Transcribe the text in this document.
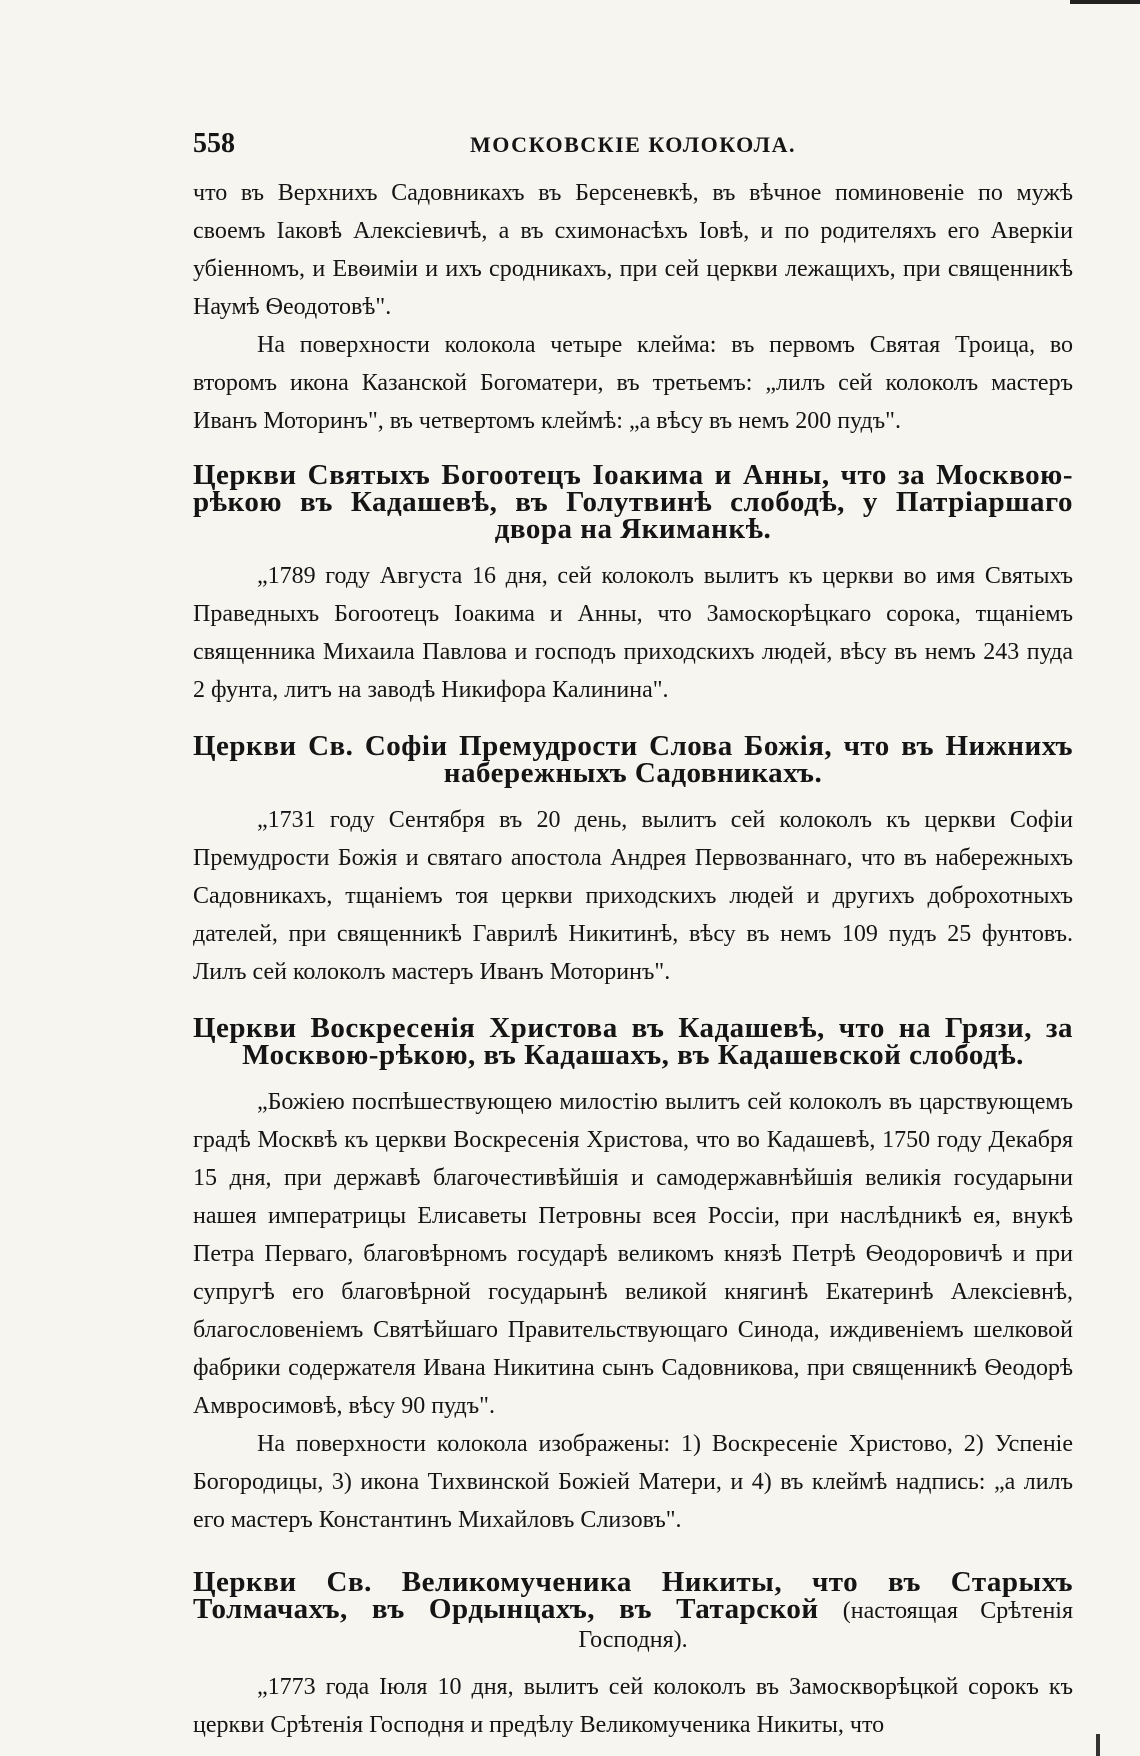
558	МОСКОВСКІЕ КОЛОКОЛА.

что въ Верхнихъ Садовникахъ въ Берсеневкѣ, въ вѣчное поминовеніе по мужѣ своемъ Іаковѣ Алексіевичѣ, а въ схимонасѣхъ Іовѣ, и по родителяхъ его Аверкіи убіенномъ, и Евѳиміи и ихъ сродникахъ, при сей церкви лежащихъ, при священникѣ Наумѣ Ѳеодотовѣ".

На поверхности колокола четыре клейма: въ первомъ Святая Троица, во второмъ икона Казанской Богоматери, въ третьемъ: „лилъ сей колоколъ мастеръ Иванъ Моторинъ", въ четвертомъ клеймѣ: „а вѣсу въ немъ 200 пудъ".

Церкви Святыхъ Богоотецъ Іоакима и Анны, что за Москвою-рѣкою въ Кадашевѣ, въ Голутвинѣ слободѣ, у Патріаршаго двора на Якиманкѣ.

„1789 году Августа 16 дня, сей колоколъ вылитъ къ церкви во имя Святыхъ Праведныхъ Богоотецъ Іоакима и Анны, что Замоскорѣцкаго сорока, тщаніемъ священника Михаила Павлова и господъ приходскихъ людей, вѣсу въ немъ 243 пуда 2 фунта, литъ на заводѣ Никифора Калинина".

Церкви Св. Софіи Премудрости Слова Божія, что въ Нижнихъ набережныхъ Садовникахъ.

„1731 году Сентября въ 20 день, вылитъ сей колоколъ къ церкви Софіи Премудрости Божія и святаго апостола Андрея Первозваннаго, что въ набережныхъ Садовникахъ, тщаніемъ тоя церкви приходскихъ людей и другихъ доброхотныхъ дателей, при священникѣ Гаврилѣ Никитинѣ, вѣсу въ немъ 109 пудъ 25 фунтовъ. Лилъ сей колоколъ мастеръ Иванъ Моторинъ".

Церкви Воскресенія Христова въ Кадашевѣ, что на Грязи, за Москвою-рѣкою, въ Кадашахъ, въ Кадашевской слободѣ.

„Божіею поспѣшествующею милостію вылитъ сей колоколъ въ царствующемъ градѣ Москвѣ къ церкви Воскресенія Христова, что во Кадашевѣ, 1750 году Декабря 15 дня, при державѣ благочестивѣйшія и самодержавнѣйшія великія государыни нашея императрицы Елисаветы Петровны всея Россіи, при наслѣдникѣ ея, внукѣ Петра Перваго, благовѣрномъ государѣ великомъ князѣ Петрѣ Ѳеодоровичѣ и при супругѣ его благовѣрной государынѣ великой княгинѣ Екатеринѣ Алексіевнѣ, благословеніемъ Святѣйшаго Правительствующаго Синода, иждивеніемъ шелковой фабрики содержателя Ивана Никитина сынъ Садовникова, при священникѣ Ѳеодорѣ Амвросимовѣ, вѣсу 90 пудъ".

На поверхности колокола изображены: 1) Воскресеніе Христово, 2) Успеніе Богородицы, 3) икона Тихвинской Божіей Матери, и 4) въ клеймѣ надпись: „а лилъ его мастеръ Константинъ Михайловъ Слизовъ".

Церкви Св. Великомученика Никиты, что въ Старыхъ Толмачахъ, въ Ордынцахъ, въ Татарской (настоящая Срѣтенія Господня).

„1773 года Іюля 10 дня, вылитъ сей колоколъ въ Замоскворѣцкой сорокъ къ церкви Срѣтенія Господня и предѣлу Великомученика Никиты, что
